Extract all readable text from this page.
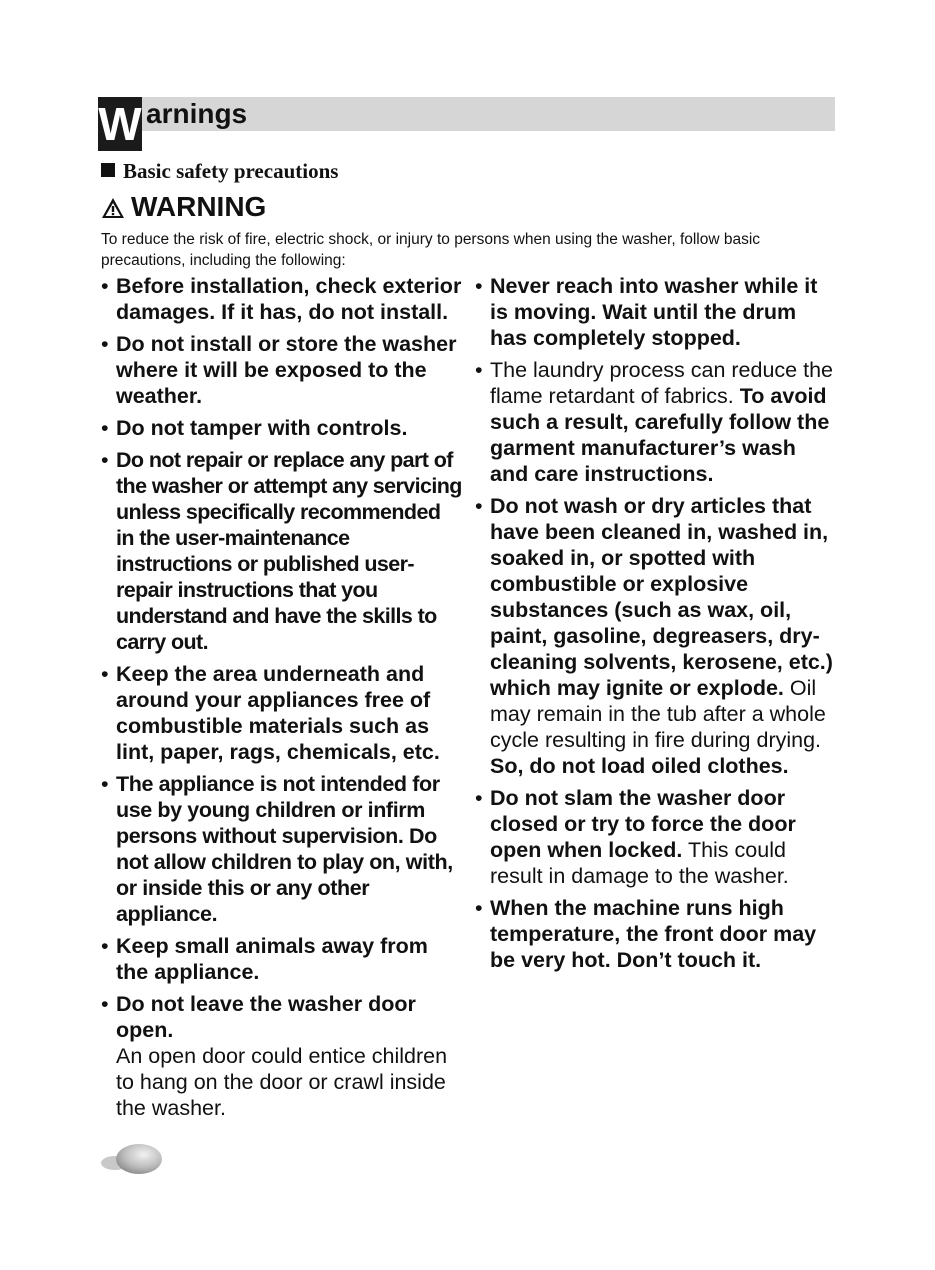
W arnings
Basic safety precautions
WARNING
To reduce the risk of fire, electric shock, or injury to persons when using the washer, follow basic precautions, including the following:
• Before installation, check exterior damages. If it has, do not install.
• Do not install or store the washer where it will be exposed to the weather.
• Do not tamper with controls.
• Do not repair or replace any part of the washer or attempt any servicing unless specifically recommended in the user-maintenance instructions or published user-repair instructions that you understand and have the skills to carry out.
• Keep the area underneath and around your appliances free of combustible materials such as lint, paper, rags, chemicals, etc.
• The appliance is not intended for use by young children or infirm persons without supervision. Do not allow children to play on, with, or inside this or any other appliance.
• Keep small animals away from the appliance.
• Do not leave the washer door open.
An open door could entice children to hang on the door or crawl inside the washer.
• Never reach into washer while it is moving. Wait until the drum has completely stopped.
• The laundry process can reduce the flame retardant of fabrics. To avoid such a result, carefully follow the garment manufacturer’s wash and care instructions.
• Do not wash or dry articles that have been cleaned in, washed in, soaked in, or spotted with combustible or explosive substances (such as wax, oil, paint, gasoline, degreasers, dry-cleaning solvents, kerosene, etc.) which may ignite or explode. Oil may remain in the tub after a whole cycle resulting in fire during drying.
So, do not load oiled clothes.
• Do not slam the washer door closed or try to force the door open when locked. This could result in damage to the washer.
• When the machine runs high temperature, the front door may be very hot. Don’t touch it.
